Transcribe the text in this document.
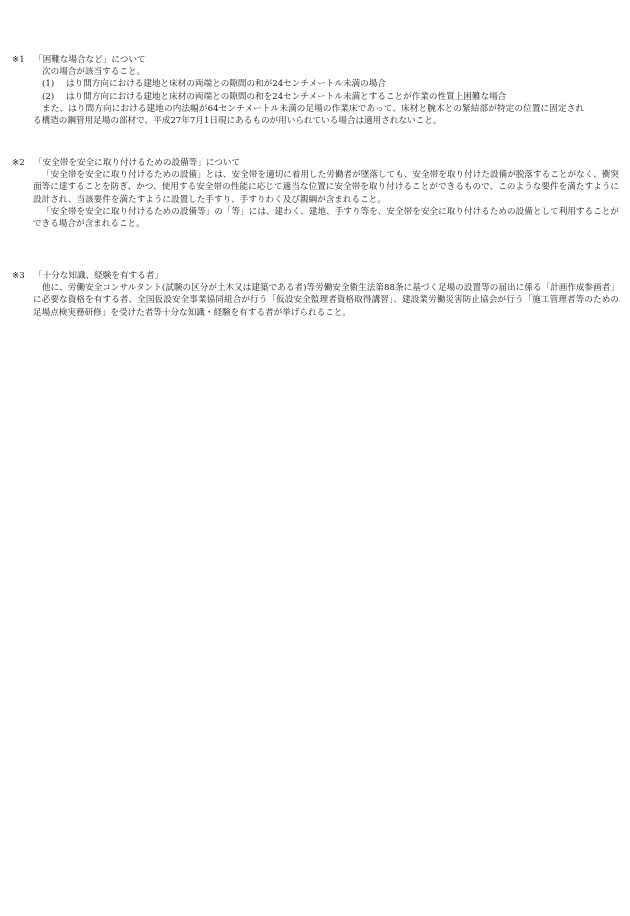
※1 「困難な場合など」について
次の場合が該当すること。
(1) はり間方向における建地と床材の両端との隙間の和が24センチメートル未満の場合
(2) はり間方向における建地と床材の両端との隙間の和を24センチメートル未満とすることが作業の性質上困難な場合
また、はり間方向における建地の内法幅が64センチメートル未満の足場の作業床であって、床材と腕木との緊結部が特定の位置に固定される構造の鋼管用足場の部材で、平成27年7月1日現にあるものが用いられている場合は適用されないこと。
※2 「安全帯を安全に取り付けるための設備等」について
「安全帯を安全に取り付けるための設備」とは、安全帯を適切に着用した労働者が墜落しても、安全帯を取り付けた設備が脱落することがなく、衝突面等に達することを防ぎ、かつ、使用する安全帯の性能に応じて適当な位置に安全帯を取り付けることができるもので、このような要件を満たすように設計され、当該要件を満たすように設置した手すり、手すりわく及び親綱が含まれること。
「安全帯を安全に取り付けるための設備等」の「等」には、建わく、建地、手すり等を、安全帯を安全に取り付けるための設備として利用することができる場合が含まれること。
※3 「十分な知識、経験を有する者」
他に、労働安全コンサルタント(試験の区分が土木又は建築である者)等労働安全衛生法第88条に基づく足場の設置等の届出に係る「計画作成参画者」に必要な資格を有する者、全国仮設安全事業協同組合が行う「仮設安全監理者資格取得講習」、建設業労働災害防止協会が行う「施工管理者等のための足場点検実務研修」を受けた者等十分な知識・経験を有する者が挙げられること。
